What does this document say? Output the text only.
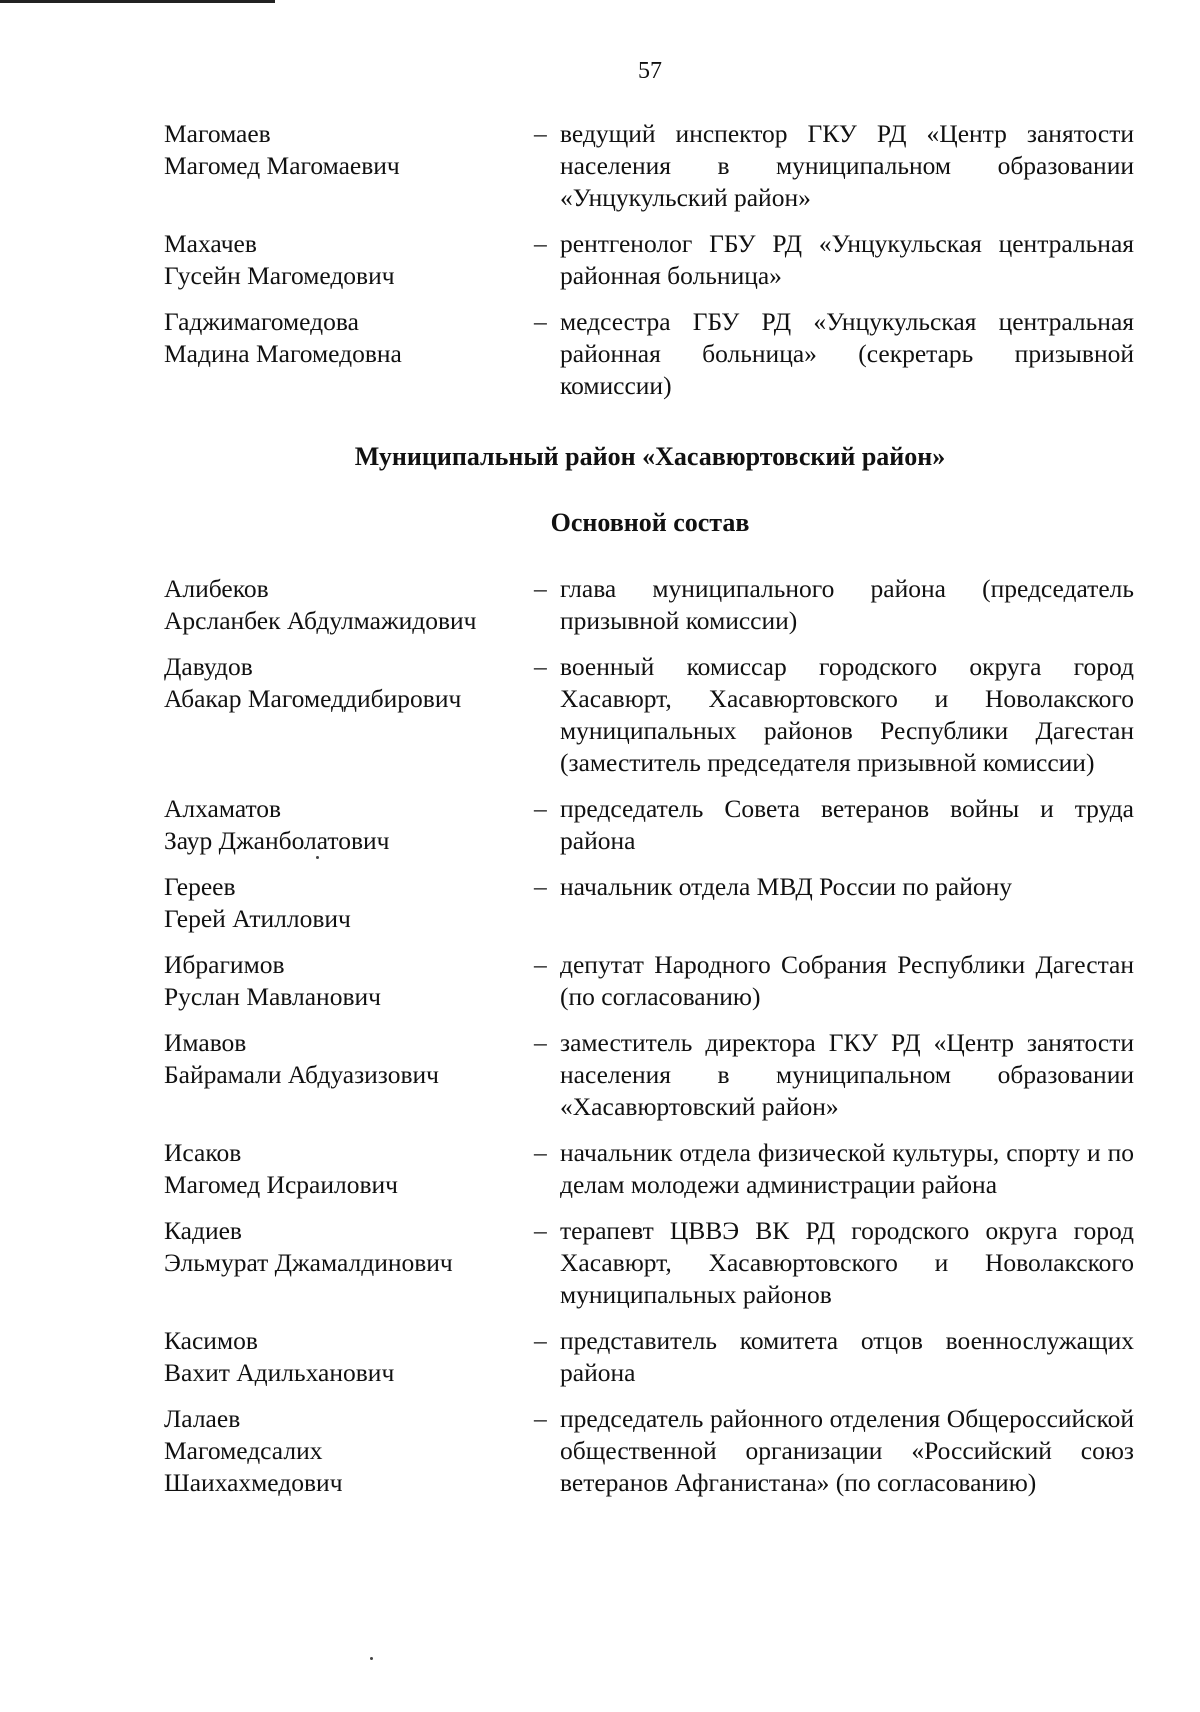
57
Магомаев
Магомед Магомаевич
– ведущий инспектор ГКУ РД «Центр занятости населения в муниципальном образовании «Унцукульский район»
Махачев
Гусейн Магомедович
– рентгенолог ГБУ РД «Унцукульская центральная районная больница»
Гаджимагомедова
Мадина Магомедовна
– медсестра ГБУ РД «Унцукульская центральная районная больница» (секретарь призывной комиссии)
Муниципальный район «Хасавюртовский район»
Основной состав
Алибеков
Арсланбек Абдулмажидович
– глава муниципального района (председатель призывной комиссии)
Давудов
Абакар Магомеддибирович
– военный комиссар городского округа город Хасавюрт, Хасавюртовского и Новолакского муниципальных районов Республики Дагестан (заместитель председателя призывной комиссии)
Алхаматов
Заур Джанболатович
– председатель Совета ветеранов войны и труда района
Гереев
Герей Атиллович
– начальник отдела МВД России по району
Ибрагимов
Руслан Мавланович
– депутат Народного Собрания Республики Дагестан (по согласованию)
Имавов
Байрамали Абдуазизович
– заместитель директора ГКУ РД «Центр занятости населения в муниципальном образовании «Хасавюртовский район»
Исаков
Магомед Исраилович
– начальник отдела физической культуры, спорту и по делам молодежи администрации района
Кадиев
Эльмурат Джамалдинович
– терапевт ЦВВЭ ВК РД городского округа город Хасавюрт, Хасавюртовского и Новолакского муниципальных районов
Касимов
Вахит Адильханович
– представитель комитета отцов военнослужащих района
Лалаев
Магомедсалих
Шаихахмедович
– председатель районного отделения Общероссийской общественной организации «Российский союз ветеранов Афганистана» (по согласованию)
